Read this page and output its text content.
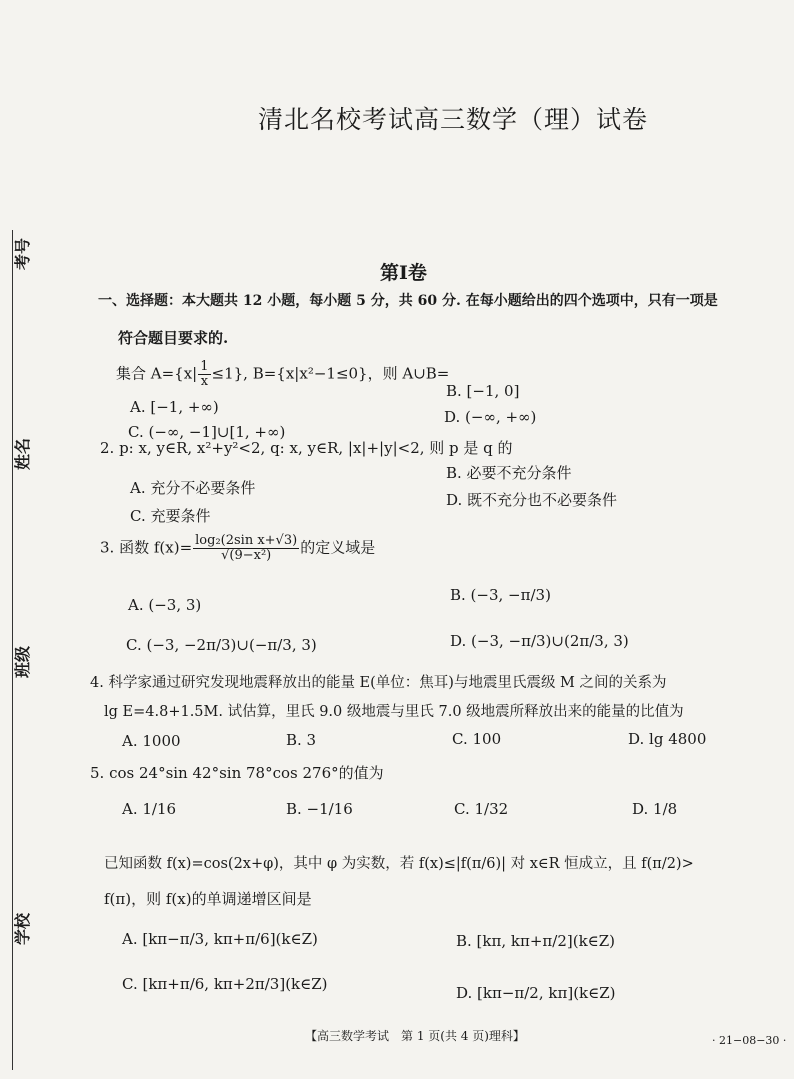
考号
姓名
班级
学校
清北名校考试高三数学（理）试卷
第Ⅰ卷
一、选择题：本大题共 12 小题，每小题 5 分，共 60 分. 在每小题给出的四个选项中，只有一项是
符合题目要求的.
集合 $A=\{x| \frac{1}{x} \le 1\}$, B={x|x²−1≤0}，则 A∪B=
A. [−1, +∞)
B. [−1, 0]
C. (−∞, −1]∪[1, +∞)
D. (−∞, +∞)
2. p: x, y∈R, x²+y²<2, q: x, y∈R, |x|+|y|<2, 则 p 是 q 的
A. 充分不必要条件
B. 必要不充分条件
C. 充要条件
D. 既不充分也不必要条件
3. 函数 $f(x)= \frac{\text{log₂(2sin x+√3)}}{\text{√(9−x²)}}$ 的定义域是
A. (−3, 3)
B. (−3, −π/3)
C. (−3, −2π/3)∪(−π/3, 3)	D. (−3, −π/3)∪(2π/3, 3)
4. 科学家通过研究发现地震释放出的能量 E(单位：焦耳)与地震里氏震级 M 之间的关系为
lg E=4.8+1.5M. 试估算，里氏 9.0 级地震与里氏 7.0 级地震所释放出来的能量的比值为
A. 1000	B. 3	C. 100	D. lg 4800
5. cos 24°sin 42°sin 78°cos 276°的值为
A. 1/16	B. −1/16	C. 1/32	D. 1/8
已知函数 f(x)=cos(2x+φ)，其中 φ 为实数，若 f(x)≤|f(π/6)| 对 x∈R 恒成立，且 f(π/2)>
f(π)，则 f(x)的单调递增区间是
A. [kπ−π/3, kπ+π/6](k∈Z)	B. [kπ, kπ+π/2](k∈Z)
C. [kπ+π/6, kπ+2π/3](k∈Z)	D. [kπ−π/2, kπ](k∈Z)
【高三数学考试　第 1 页(共 4 页)理科】	· 21−08−30 ·
